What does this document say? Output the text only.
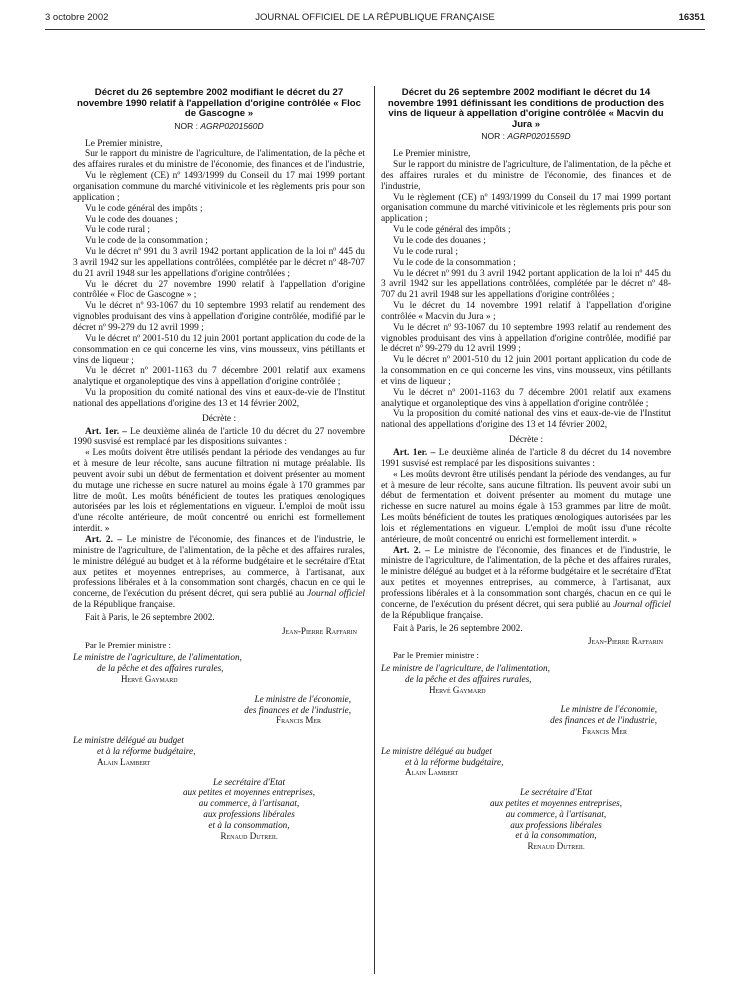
3 octobre 2002	JOURNAL OFFICIEL DE LA RÉPUBLIQUE FRANÇAISE	16351
Décret du 26 septembre 2002 modifiant le décret du 27 novembre 1990 relatif à l'appellation d'origine contrôlée « Floc de Gascogne »
NOR : AGRP0201560D

Le Premier ministre,

Sur le rapport du ministre de l'agriculture, de l'alimentation, de la pêche et des affaires rurales et du ministre de l'économie, des finances et de l'industrie,

Vu le règlement (CE) nº 1493/1999 du Conseil du 17 mai 1999 portant organisation commune du marché vitivinicole et les règlements pris pour son application ;

Vu le code général des impôts ;

Vu le code des douanes ;

Vu le code rural ;

Vu le code de la consommation ;

Vu le décret nº 991 du 3 avril 1942 portant application de la loi nº 445 du 3 avril 1942 sur les appellations contrôlées, complétée par le décret nº 48-707 du 21 avril 1948 sur les appellations d'origine contrôlées ;

Vu le décret du 27 novembre 1990 relatif à l'appellation d'origine contrôlée « Floc de Gascogne » ;

Vu le décret nº 93-1067 du 10 septembre 1993 relatif au rendement des vignobles produisant des vins à appellation d'origine contrôlée, modifié par le décret nº 99-279 du 12 avril 1999 ;

Vu le décret nº 2001-510 du 12 juin 2001 portant application du code de la consommation en ce qui concerne les vins, vins mousseux, vins pétillants et vins de liqueur ;

Vu le décret nº 2001-1163 du 7 décembre 2001 relatif aux examens analytique et organoleptique des vins à appellation d'origine contrôlée ;

Vu la proposition du comité national des vins et eaux-de-vie de l'Institut national des appellations d'origine des 13 et 14 février 2002,

Décrète :

Art. 1er. – Le deuxième alinéa de l'article 10 du décret du 27 novembre 1990 susvisé est remplacé par les dispositions suivantes :

« Les moûts doivent être utilisés pendant la période des vendanges au fur et à mesure de leur récolte, sans aucune filtration ni mutage préalable. Ils peuvent avoir subi un début de fermentation et doivent présenter au moment du mutage une richesse en sucre naturel au moins égale à 170 grammes par litre de moût. Les moûts bénéficient de toutes les pratiques œnologiques autorisées par les lois et réglementations en vigueur. L'emploi de moût issu d'une récolte antérieure, de moût concentré ou enrichi est formellement interdit. »

Art. 2. – Le ministre de l'économie, des finances et de l'industrie, le ministre de l'agriculture, de l'alimentation, de la pêche et des affaires rurales, le ministre délégué au budget et à la réforme budgétaire et le secrétaire d'Etat aux petites et moyennes entreprises, au commerce, à l'artisanat, aux professions libérales et à la consommation sont chargés, chacun en ce qui le concerne, de l'exécution du présent décret, qui sera publié au Journal officiel de la République française.

Fait à Paris, le 26 septembre 2002.

Jean-Pierre Raffarin
Par le Premier ministre :
Le ministre de l'agriculture, de l'alimentation,
de la pêche et des affaires rurales,
Hervé Gaymard
Le ministre de l'économie,
des finances et de l'industrie,
Francis Mer
Le ministre délégué au budget
et à la réforme budgétaire,
Alain Lambert
Le secrétaire d'Etat
aux petites et moyennes entreprises,
au commerce, à l'artisanat,
aux professions libérales
et à la consommation,
Renaud Dutreil
Décret du 26 septembre 2002 modifiant le décret du 14 novembre 1991 définissant les conditions de production des vins de liqueur à appellation d'origine contrôlée « Macvin du Jura »
NOR : AGRP0201559D

Le Premier ministre,

Sur le rapport du ministre de l'agriculture, de l'alimentation, de la pêche et des affaires rurales et du ministre de l'économie, des finances et de l'industrie,

Vu le règlement (CE) nº 1493/1999 du Conseil du 17 mai 1999 portant organisation commune du marché vitivinicole et les règlements pris pour son application ;

Vu le code général des impôts ;

Vu le code des douanes ;

Vu le code rural ;

Vu le code de la consommation ;

Vu le décret nº 991 du 3 avril 1942 portant application de la loi nº 445 du 3 avril 1942 sur les appellations contrôlées, complétée par le décret nº 48-707 du 21 avril 1948 sur les appellations d'origine contrôlées ;

Vu le décret du 14 novembre 1991 relatif à l'appellation d'origine contrôlée « Macvin du Jura » ;

Vu le décret nº 93-1067 du 10 septembre 1993 relatif au rendement des vignobles produisant des vins à appellation d'origine contrôlée, modifié par le décret nº 99-279 du 12 avril 1999 ;

Vu le décret nº 2001-510 du 12 juin 2001 portant application du code de la consommation en ce qui concerne les vins, vins mousseux, vins pétillants et vins de liqueur ;

Vu le décret nº 2001-1163 du 7 décembre 2001 relatif aux examens analytique et organoleptique des vins à appellation d'origine contrôlée ;

Vu la proposition du comité national des vins et eaux-de-vie de l'Institut national des appellations d'origine des 13 et 14 février 2002,

Décrète :

Art. 1er. – Le deuxième alinéa de l'article 8 du décret du 14 novembre 1991 susvisé est remplacé par les dispositions suivantes :

« Les moûts devront être utilisés pendant la période des vendanges, au fur et à mesure de leur récolte, sans aucune filtration. Ils peuvent avoir subi un début de fermentation et doivent présenter au moment du mutage une richesse en sucre naturel au moins égale à 153 grammes par litre de moût. Les moûts bénéficient de toutes les pratiques œnologiques autorisées par les lois et réglementations en vigueur. L'emploi de moût issu d'une récolte antérieure, de moût concentré ou enrichi est formellement interdit. »

Art. 2. – Le ministre de l'économie, des finances et de l'industrie, le ministre de l'agriculture, de l'alimentation, de la pêche et des affaires rurales, le ministre délégué au budget et à la réforme budgétaire et le secrétaire d'Etat aux petites et moyennes entreprises, au commerce, à l'artisanat, aux professions libérales et à la consommation sont chargés, chacun en ce qui le concerne, de l'exécution du présent décret, qui sera publié au Journal officiel de la République française.

Fait à Paris, le 26 septembre 2002.

Jean-Pierre Raffarin
Par le Premier ministre :
Le ministre de l'agriculture, de l'alimentation,
de la pêche et des affaires rurales,
Hervé Gaymard
Le ministre de l'économie,
des finances et de l'industrie,
Francis Mer
Le ministre délégué au budget
et à la réforme budgétaire,
Alain Lambert
Le secrétaire d'Etat
aux petites et moyennes entreprises,
au commerce, à l'artisanat,
aux professions libérales
et à la consommation,
Renaud Dutreil
